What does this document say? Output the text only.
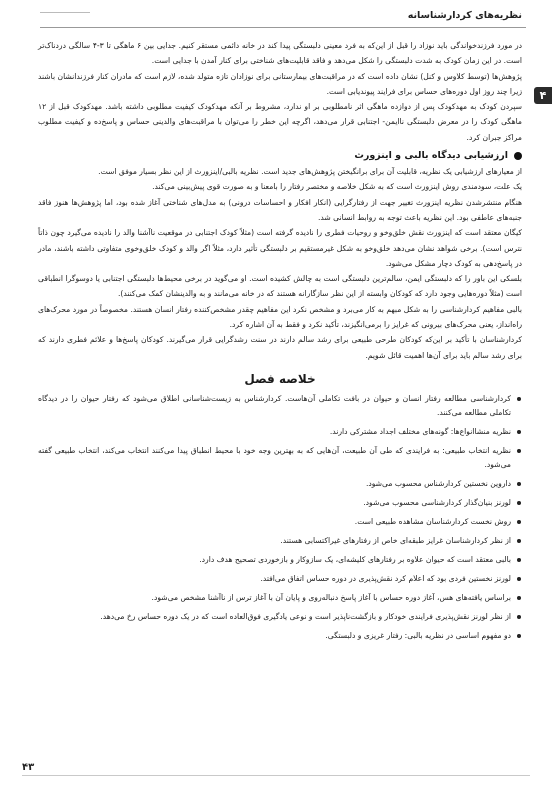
نظریه‌های کردارشناسانه
۴

در مورد فرزندخواندگی باید نوزاد را قبل از این‌که به فرد معینی دلبستگی پیدا کند در خانه دائمی مستقر کنیم. جدایی بین ۶ ماهگی تا ۳-۴ سالگی دردناک‌تر است. در این زمان کودک به شدت دلبستگی را شکل می‌دهد و فاقد قابلیت‌های شناختی برای کنار آمدن با جدایی است.

پژوهش‌ها (توسط کلاوس و کنل) نشان داده است که در مراقبت‌های بیمارستانی برای نوزادان تازه متولد شده، لازم است که مادران کنار فرزندانشان باشند زیرا چند روز اول دوره‌های حساس برای فرایند پیوندیابی است.

سپردن کودک به مهدکودک پس از دوازده ماهگی اثر نامطلوبی بر او ندارد، مشروط بر آنکه مهدکودک کیفیت مطلوبی داشته باشد. مهدکودک قبل از ۱۲ ماهگی کودک را در معرض دلبستگی ناایمن- اجتنابی قرار می‌دهد، اگرچه این خطر را می‌توان با مراقبت‌های والدینی حساس و پاسخ‌ده و کیفیت مطلوب مراکز جبران کرد.

ارزشیابی دیدگاه بالبی و اینزورث

از معیارهای ارزشیابی یک نظریه، قابلیت آن برای برانگیختن پژوهش‌های جدید است. نظریه بالبی/اینزورث از این نظر بسیار موفق است.

یک علت، سودمندی روش اینزورث است که به شکل خلاصه و مختصر رفتار را بامعنا و به صورت قوی پیش‌بینی می‌کند.

هنگام منتشرشدن نظریه اینزورث تغییر جهت از رفتارگرایی (انکار افکار و احساسات درونی) به مدل‌های شناختی آغاز شده بود، اما پژوهش‌ها هنوز فاقد جنبه‌های عاطفی بود. این نظریه باعث توجه به روابط انسانی شد.

کیگان معتقد است که اینزورث نقش خلق‌وخو و روحیات فطری را نادیده گرفته است (مثلاً کودک اجتنابی در موقعیت ناآشنا والد را نادیده می‌گیرد چون ذاتاً نترس است). برخی شواهد نشان می‌دهد خلق‌وخو به شکل غیرمستقیم بر دلبستگی تأثیر دارد، مثلاً اگر والد و کودک خلق‌وخوی متفاوتی داشته باشند، مادر در پاسخ‌دهی به کودک دچار مشکل می‌شود.

بلسکی این باور را که دلبستگی ایمن، سالم‌ترین دلبستگی است به چالش کشیده است. او می‌گوید در برخی محیط‌ها دلبستگی اجتنابی یا دوسوگرا انطباقی است (مثلاً دوره‌هایی وجود دارد که کودکان وابسته از این نظر سازگارانه هستند که در خانه می‌مانند و به والدینشان کمک می‌کنند).

بالبی مفاهیم کردارشناسی را به شکل مبهم به کار می‌برد و مشخص نکرد این مفاهیم چقدر مشخص‌کننده رفتار انسان هستند. مخصوصاً در مورد محرک‌های راه‌انداز، یعنی محرک‌های بیرونی که غرایز را برمی‌انگیزند، تأکید نکرد و فقط به آن اشاره کرد.

کردارشناسان با تأکید بر این‌که کودکان طرحی طبیعی برای رشد سالم دارند در سنت رشدگرایی قرار می‌گیرند. کودکان پاسخ‌ها و علائم فطری دارند که برای رشد سالم باید برای آن‌ها اهمیت قائل شویم.

خلاصه فصل
کردارشناسی مطالعه رفتار انسان و حیوان در بافت تکاملی آن‌هاست. کردارشناس به زیست‌شناسانی اطلاق می‌شود که رفتار حیوان را در دیدگاه تکاملی مطالعه می‌کنند.
نظریه منشاانواع‌ها: گونه‌های مختلف اجداد مشترکی دارند.
نظریه انتخاب طبیعی: به فرایندی که طی آن طبیعت، آن‌هایی که به بهترین وجه خود با محیط انطباق پیدا می‌کنند انتخاب می‌کند، انتخاب طبیعی گفته می‌شود.
داروین نخستین کردارشناس محسوب می‌شود.
لورنز بنیان‌گذار کردارشناسی محسوب می‌شود.
روش نخست کردارشناسان مشاهده طبیعی است.
از نظر کردارشناسان غرایز طبقه‌ای خاص از رفتارهای غیراکتسابی هستند.
بالبی معتقد است که حیوان علاوه بر رفتارهای کلیشه‌ای، یک سازوکار و بازخوردی تصحیح هدف دارد.
لورنز نخستین فردی بود که اعلام کرد نقش‌پذیری در دوره حساس اتفاق می‌افتد.
براساس یافته‌های هس، آغاز دوره حساس با آغاز پاسخ دنباله‌روی و پایان آن با آغاز ترس از ناآشنا مشخص می‌شود.
از نظر لورنز نقش‌پذیری فرایندی خودکار و بازگشت‌ناپذیر است و نوعی یادگیری فوق‌العاده است که در یک دوره حساس رخ می‌دهد.
دو مفهوم اساسی در نظریه بالبی: رفتار غریزی و دلبستگی.
۴۳
